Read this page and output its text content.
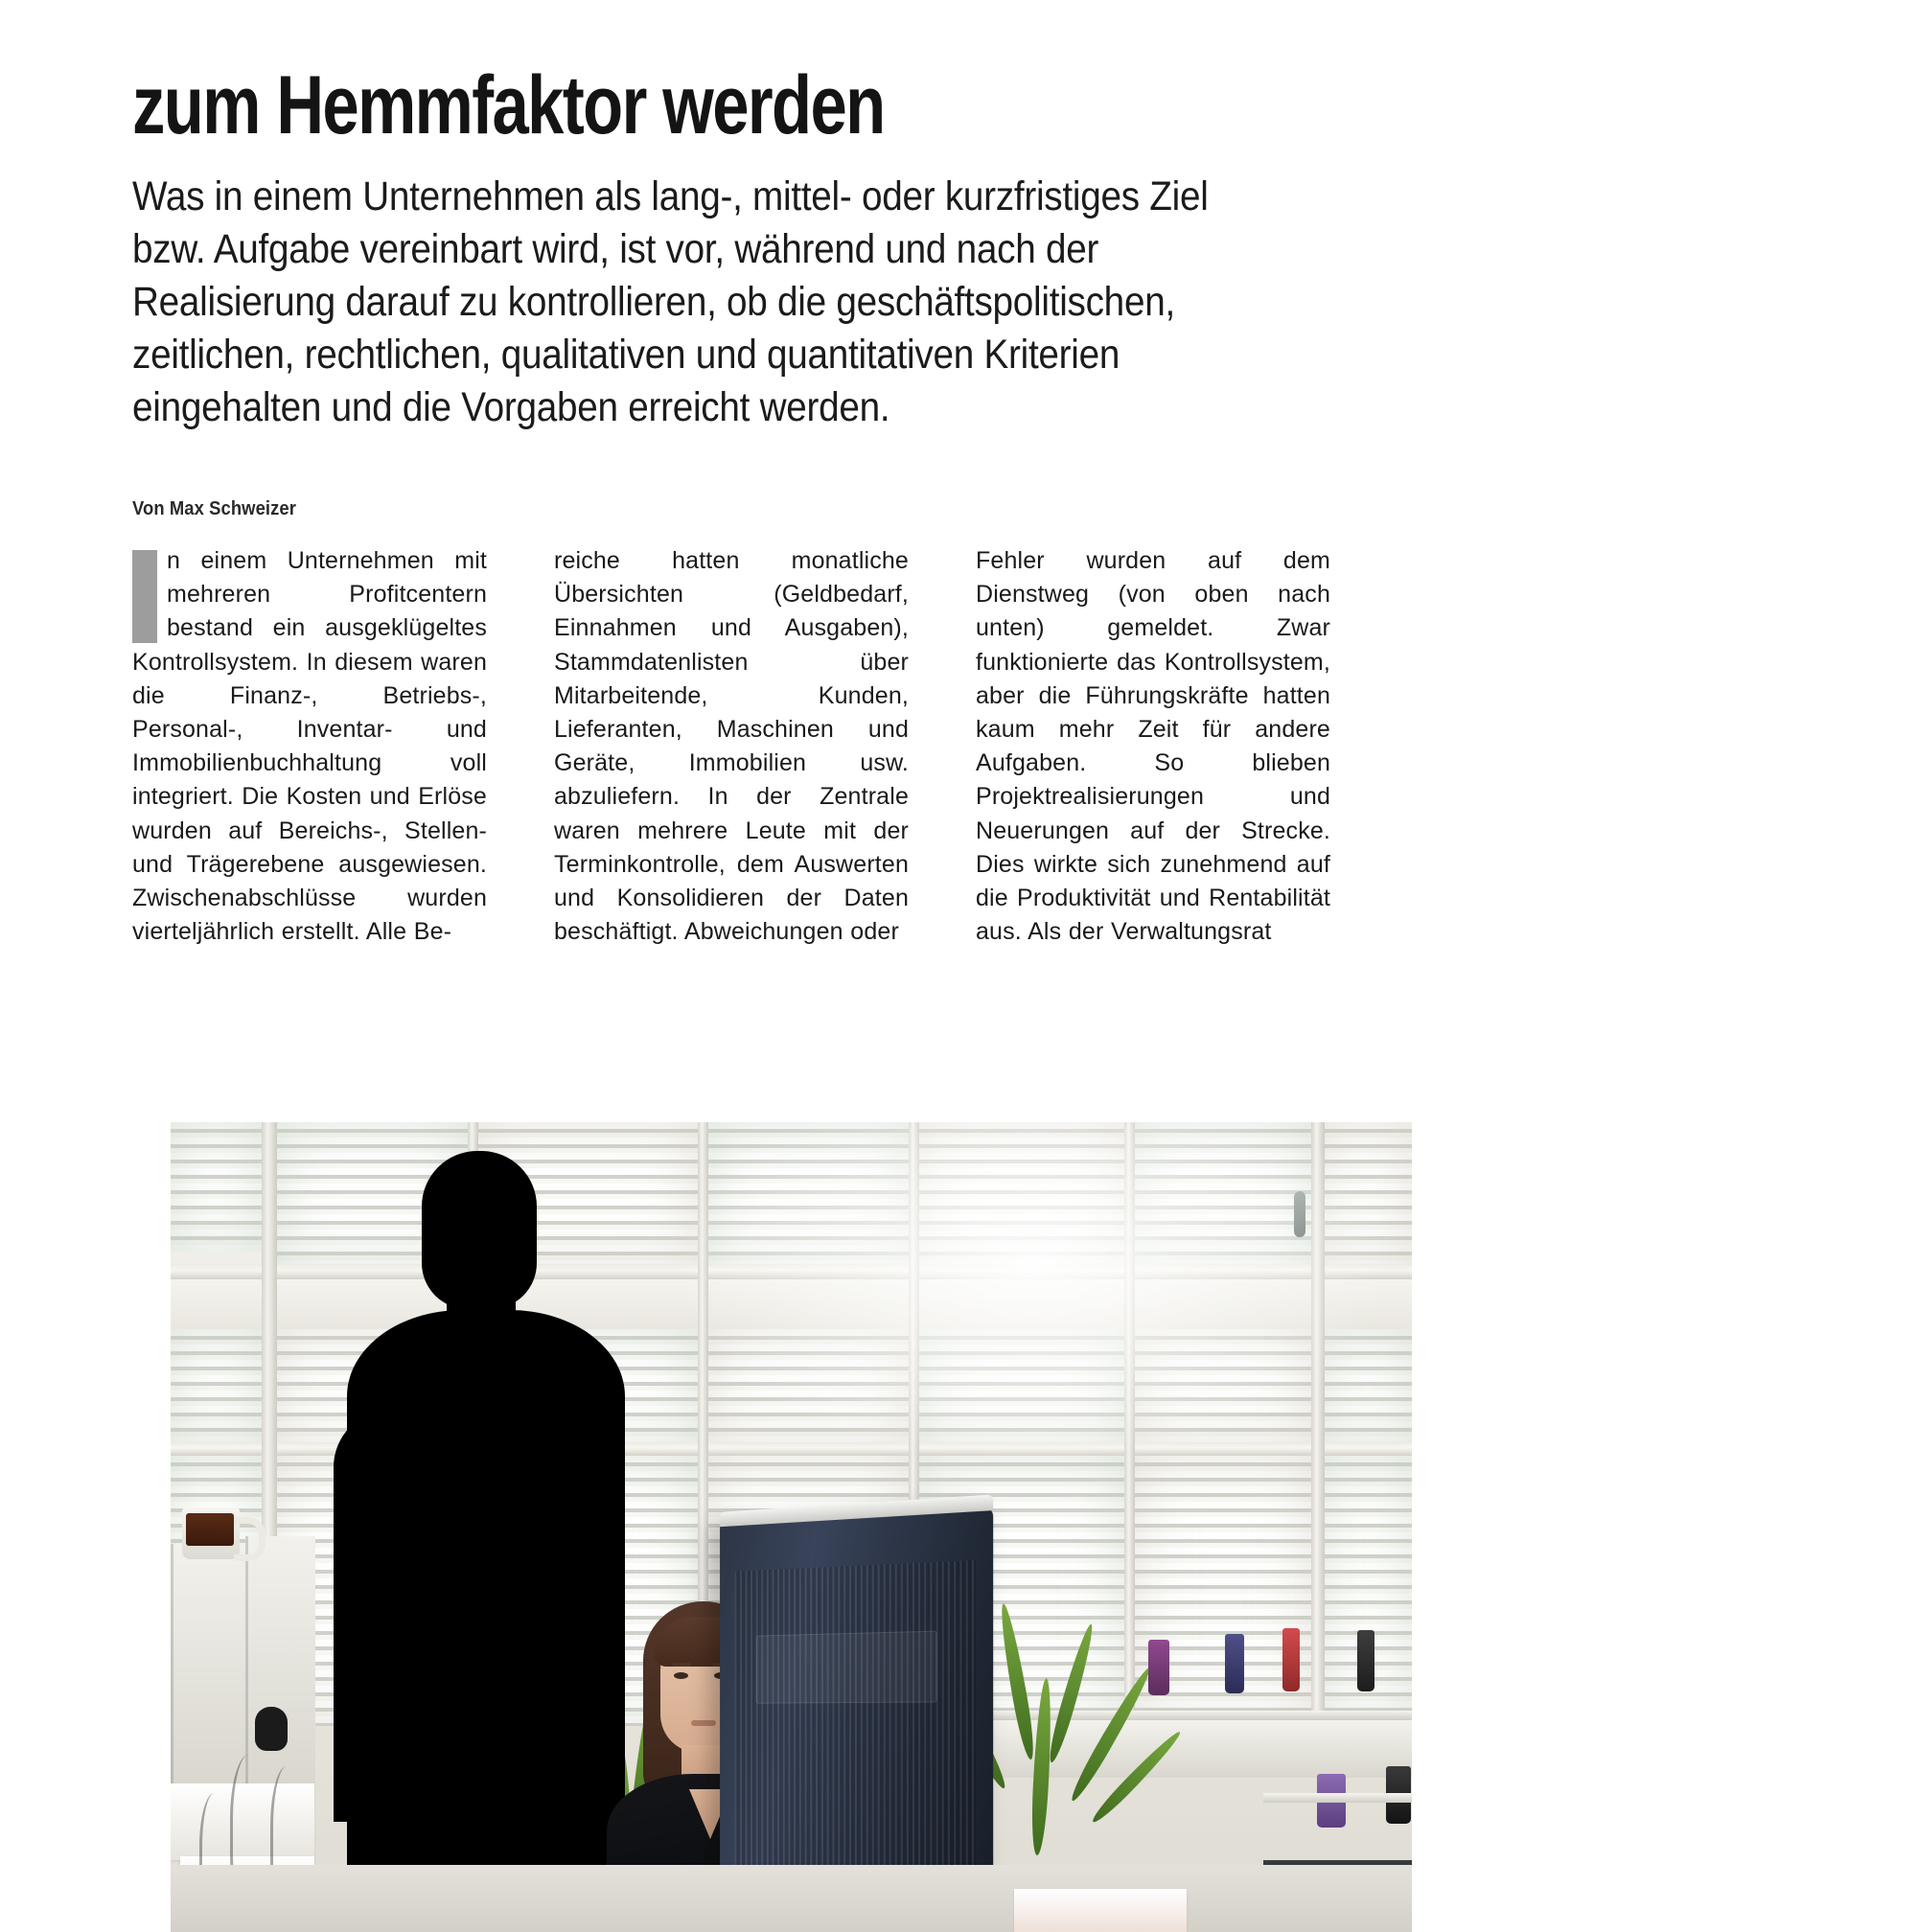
zum Hemmfaktor werden

Was in einem Unternehmen als lang-, mittel- oder kurzfristiges Ziel bzw. Aufgabe vereinbart wird, ist vor, während und nach der Realisierung darauf zu kontrollieren, ob die geschäftspolitischen, zeitlichen, rechtlichen, qualitativen und quantitativen Kriterien eingehalten und die Vorgaben erreicht werden.

Von Max Schweizer

n einem Unternehmen mit mehreren Profitcentern bestand ein ausgeklügeltes Kontrollsystem. In diesem waren die Finanz-, Betriebs-, Personal-, Inventar- und Immobilienbuchhaltung voll integriert. Die Kosten und Erlöse wurden auf Bereichs-, Stellen- und Trägerebene ausgewiesen. Zwischenabschlüsse wurden vierteljährlich erstellt. Alle Be-

reiche hatten monatliche Übersichten (Geldbedarf, Einnahmen und Ausgaben), Stammdatenlisten über Mitarbeitende, Kunden, Lieferanten, Maschinen und Geräte, Immobilien usw. abzuliefern. In der Zentrale waren mehrere Leute mit der Terminkontrolle, dem Auswerten und Konsolidieren der Daten beschäftigt. Abweichungen oder

Fehler wurden auf dem Dienstweg (von oben nach unten) gemeldet. Zwar funktionierte das Kontrollsystem, aber die Führungskräfte hatten kaum mehr Zeit für andere Aufgaben. So blieben Projektrealisierungen und Neuerungen auf der Strecke. Dies wirkte sich zunehmend auf die Produktivität und Rentabilität aus. Als der Verwaltungsrat
